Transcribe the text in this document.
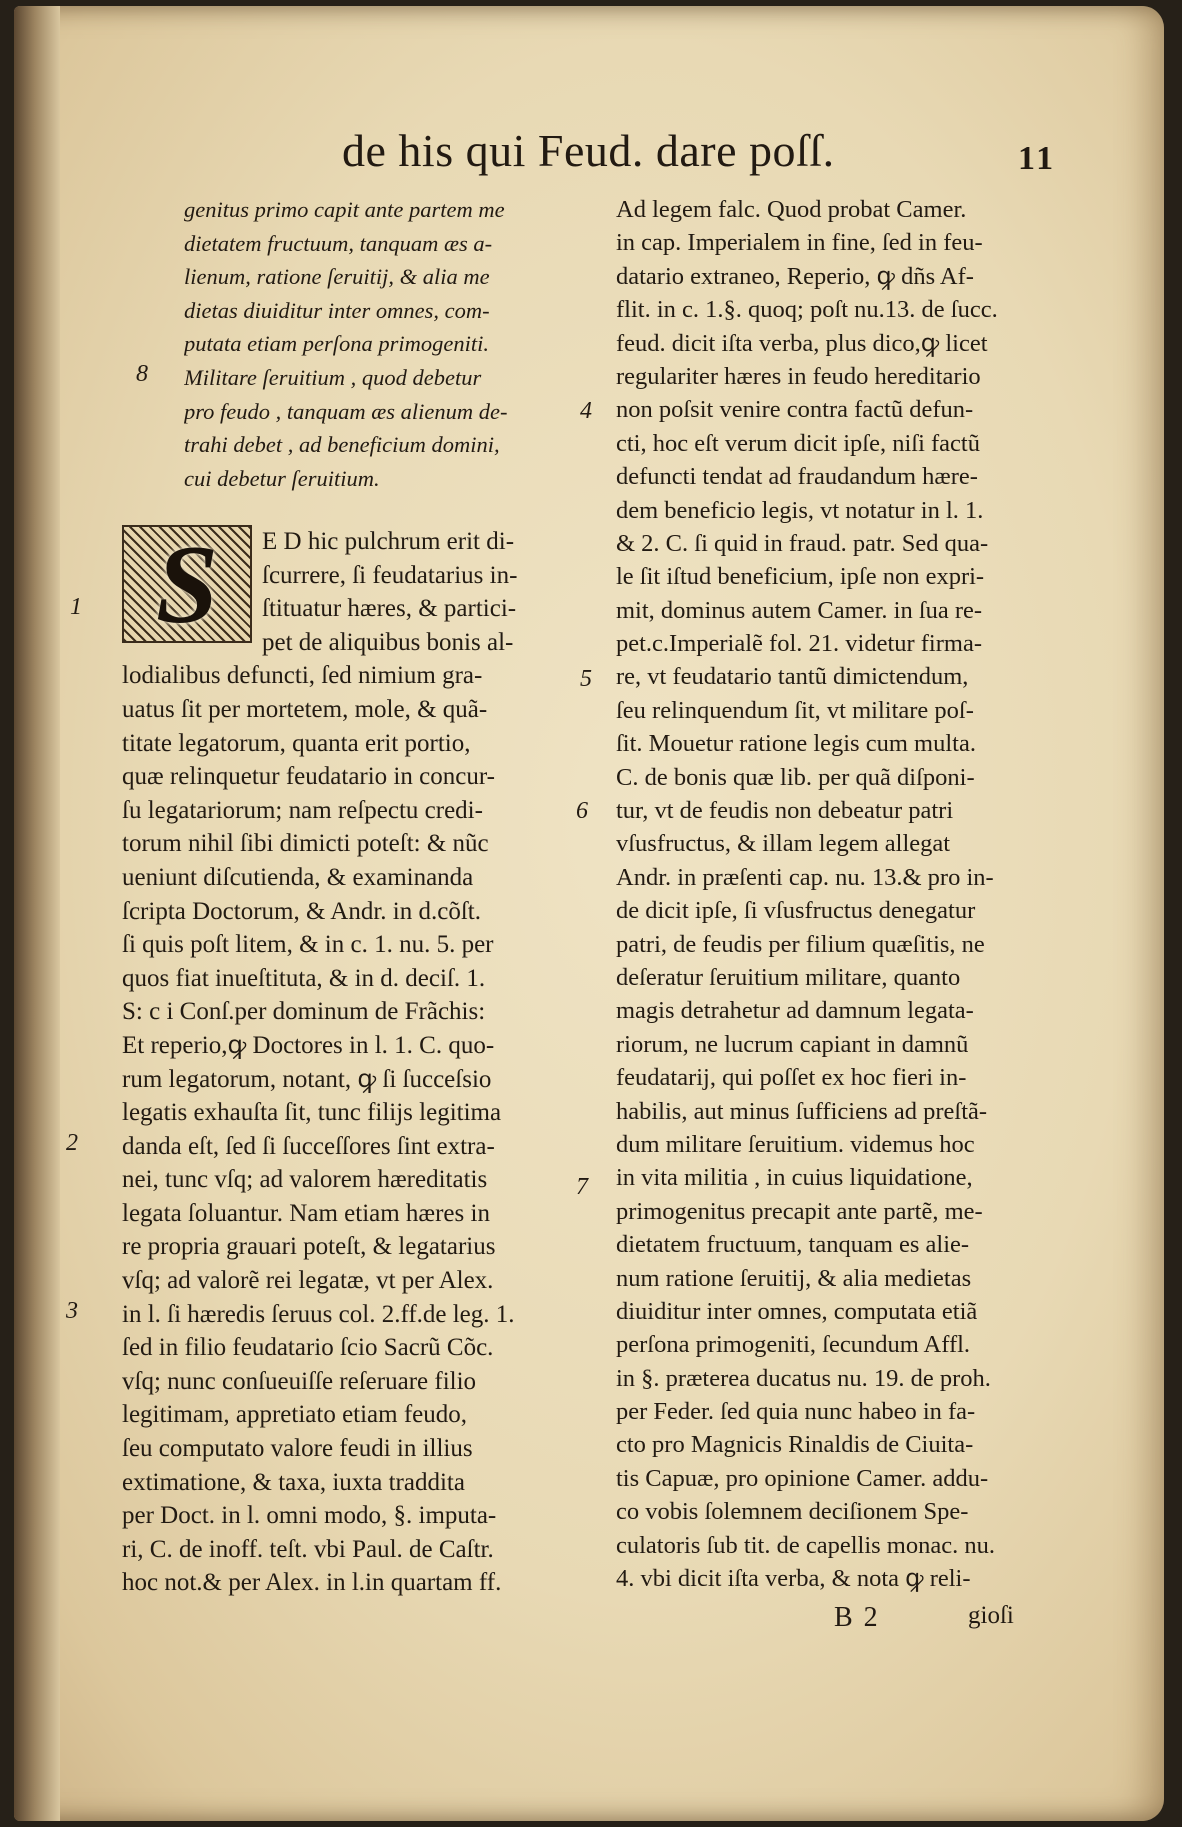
de his qui Feud. dare poſſ.	11
genitus primo capit ante partem me
dietatem fructuum, tanquam æs a-
lienum, ratione ſeruitij, & alia me
dietas diuiditur inter omnes, com-
putata etiam perſona primogeniti.
Militare ſeruitium , quod debetur
pro feudo , tanquam æs alienum de-
trahi debet , ad beneficium domini,
cui debetur ſeruitium.
8
S	E D hic pulchrum erit di-
ſcurrere, ſi feudatarius in-
ſtituatur hæres, & partici-
pet de aliquibus bonis al-
lodialibus defuncti, ſed nimium gra-
uatus ſit per mortetem, mole, & quã-
titate legatorum, quanta erit portio,
quæ relinquetur feudatario in concur-
ſu legatariorum; nam reſpectu credi-
torum nihil ſibi dimicti poteſt: & nũc
ueniunt diſcutienda, & examinanda
ſcripta Doctorum, & Andr. in d.cõſt.
ſi quis poſt litem, & in c. 1. nu. 5. per
quos fiat inueſtituta, & in d. deciſ. 1.
S: c i Conſ.per dominum de Frãchis:
Et reperio,ꝙ Doctores in l. 1. C. quo-
rum legatorum, notant, ꝙ ſi ſucceſsio
legatis exhauſta ſit, tunc filijs legitima
danda eſt, ſed ſi ſucceſſores ſint extra-
nei, tunc vſq; ad valorem hæreditatis
legata ſoluantur. Nam etiam hæres in
re propria grauari poteſt, & legatarius
vſq; ad valorẽ rei legatæ, vt per Alex.
in l. ſi hæredis ſeruus col. 2.ff.de leg. 1.
ſed in filio feudatario ſcio Sacrũ Cõc.
vſq; nunc conſueuiſſe reſeruare filio
legitimam, appretiato etiam feudo,
ſeu computato valore feudi in illius
extimatione, & taxa, iuxta traddita
per Doct. in l. omni modo, §. imputa-
ri, C. de inoff. teſt. vbi Paul. de Caſtr.
hoc not.& per Alex. in l.in quartam ff.
1
2
3
Ad legem falc. Quod probat Camer.
in cap. Imperialem in fine, ſed in feu-
datario extraneo, Reperio, ꝙ dñs Af-
flit. in c. 1.§. quoq; poſt nu.13. de ſucc.
feud. dicit iſta verba, plus dico,ꝙ licet
regulariter hæres in feudo hereditario
non poſsit venire contra factũ defun-
cti, hoc eſt verum dicit ipſe, niſi factũ
defuncti tendat ad fraudandum hære-
dem beneficio legis, vt notatur in l. 1.
& 2. C. ſi quid in fraud. patr. Sed qua-
le ſit iſtud beneficium, ipſe non expri-
mit, dominus autem Camer. in ſua re-
pet.c.Imperialẽ fol. 21. videtur firma-
re, vt feudatario tantũ dimictendum,
ſeu relinquendum ſit, vt militare poſ-
ſit. Mouetur ratione legis cum multa.
C. de bonis quæ lib. per quã diſponi-
tur, vt de feudis non debeatur patri
vſusfructus, & illam legem allegat
Andr. in præſenti cap. nu. 13.& pro in-
de dicit ipſe, ſi vſusfructus denegatur
patri, de feudis per filium quæſitis, ne
deſeratur ſeruitium militare, quanto
magis detrahetur ad damnum legata-
riorum, ne lucrum capiant in damnũ
feudatarij, qui poſſet ex hoc fieri in-
habilis, aut minus ſufficiens ad preſtã-
dum militare ſeruitium. videmus hoc
in vita militia , in cuius liquidatione,
primogenitus precapit ante partẽ, me-
dietatem fructuum, tanquam es alie-
num ratione ſeruitij, & alia medietas
diuiditur inter omnes, computata etiã
perſona primogeniti, ſecundum Affl.
in §. præterea ducatus nu. 19. de proh.
per Feder. ſed quia nunc habeo in fa-
cto pro Magnicis Rinaldis de Ciuita-
tis Capuæ, pro opinione Camer. addu-
co vobis ſolemnem deciſionem Spe-
culatoris ſub tit. de capellis monac. nu.
4. vbi dicit iſta verba, & nota ꝙ reli-
4
5
6
7
B 2	gioſi
